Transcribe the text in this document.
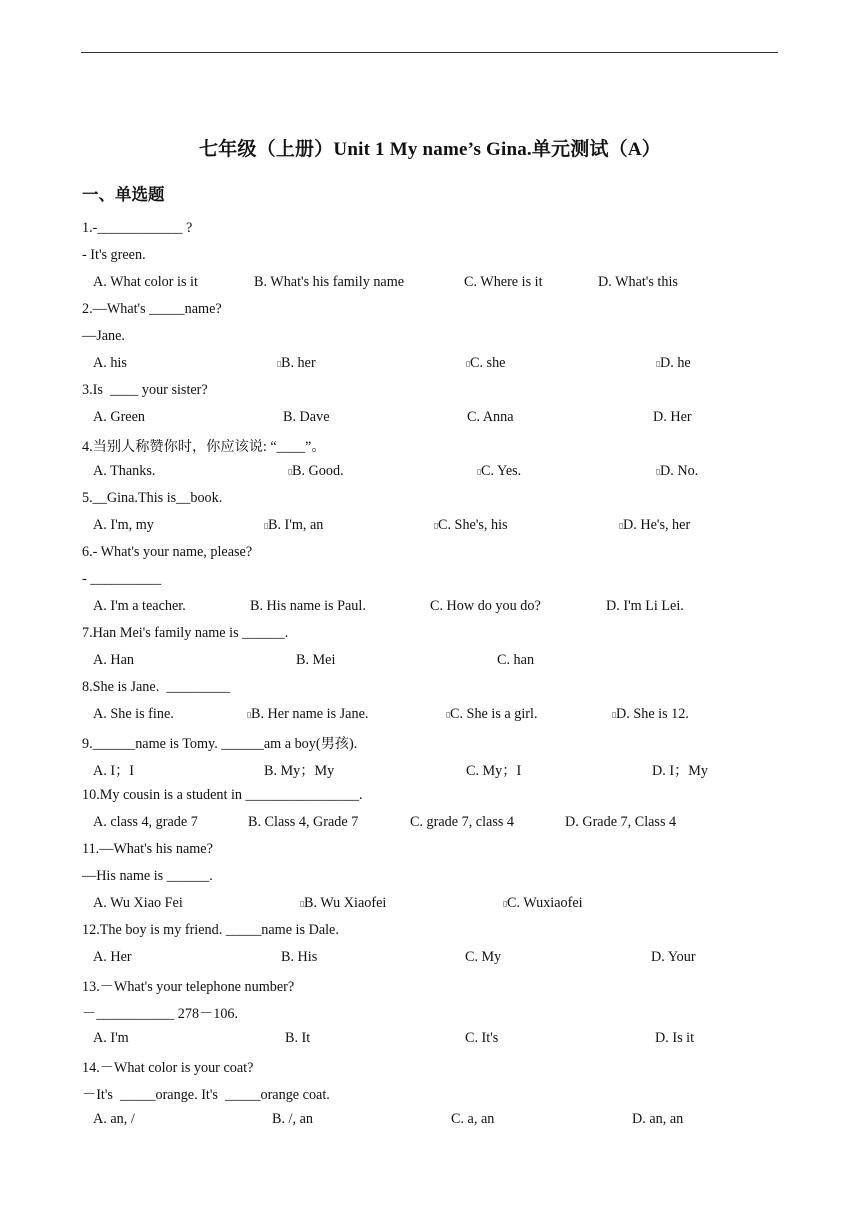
七年级（上册）Unit 1 My name’s Gina.单元测试（A）
一、单选题
1.-____________ ?
- It's green.
A. What color is it	B. What's his family name	C. Where is it	D. What's this
2.—What's _____name?
—Jane.
A. his	B. her	C. she	D. he
3.Is  ____ your sister?
A. Green	B. Dave	C. Anna	D. Her
4.当别人称赞你时，你应该说: “____”。
A. Thanks.	B. Good.	C. Yes.	D. No.
5.__Gina.This is__book.
A. I'm, my	B. I'm, an	C. She's, his	D. He's, her
6.- What's your name, please?
- __________
A. I'm a teacher.	B. His name is Paul.	C. How do you do?	D. I'm Li Lei.
7.Han Mei's family name is ______.
A. Han	B. Mei	C. han
8.She is Jane.  _________
A. She is fine.	B. Her name is Jane.	C. She is a girl.	D. She is 12.
9.______name is Tomy. ______am a boy(男孩).
A. I；I	B. My；My	C. My；I	D. I；My
10.My cousin is a student in ________________.
A. class 4, grade 7	B. Class 4, Grade 7	C. grade 7, class 4	D. Grade 7, Class 4
11.—What's his name?
—His name is ______.
A. Wu Xiao Fei	B. Wu Xiaofei	C. Wuxiaofei
12.The boy is my friend. _____name is Dale.
A. Her	B. His	C. My	D. Your
13.－What's your telephone number?
－___________ 278－106.
A. I'm	B. It	C. It's	D. Is it
14.－What color is your coat?
－It's  _____orange. It's  _____orange coat.
A. an, /	B. /, an	C. a, an	D. an, an
